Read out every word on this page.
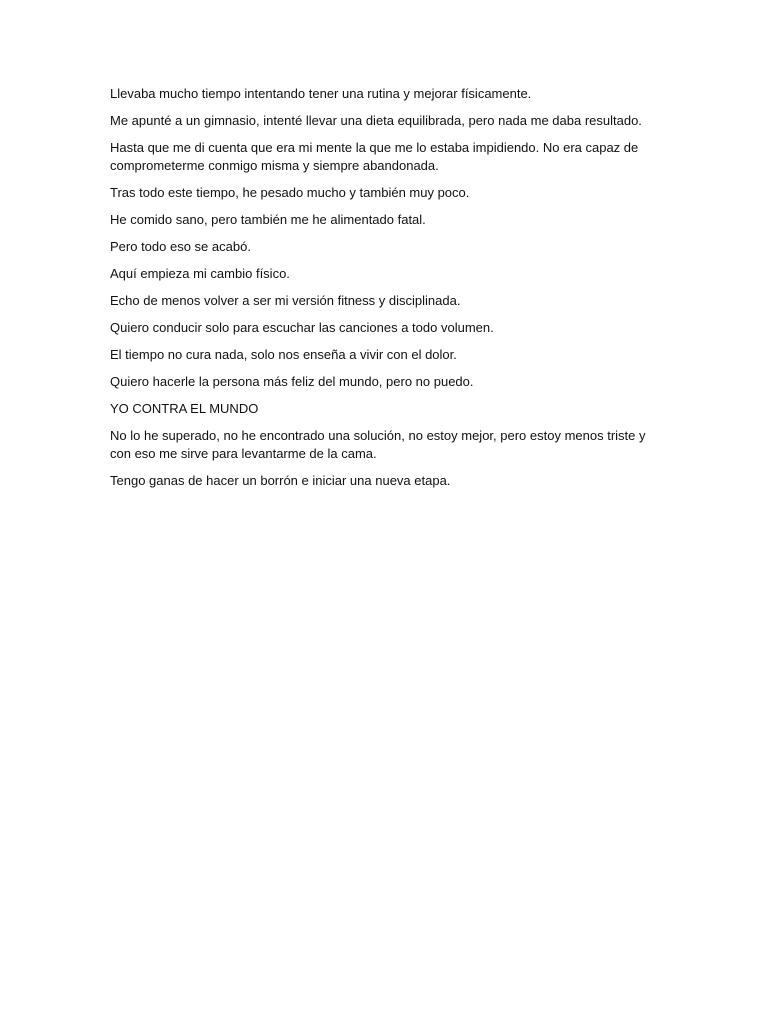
Llevaba mucho tiempo intentando tener una rutina y mejorar físicamente.

Me apunté a un gimnasio, intenté llevar una dieta equilibrada, pero nada me daba resultado.

Hasta que me di cuenta que era mi mente la que me lo estaba impidiendo. No era capaz de comprometerme conmigo misma y siempre abandonada.

Tras todo este tiempo, he pesado mucho y también muy poco.

He comido sano, pero también me he alimentado fatal.

Pero todo eso se acabó.

Aquí empieza mi cambio físico.

Echo de menos volver a ser mi versión fitness y disciplinada.

Quiero conducir solo para escuchar las canciones a todo volumen.

El tiempo no cura nada, solo nos enseña a vivir con el dolor.

Quiero hacerle la persona más feliz del mundo, pero no puedo.

YO CONTRA EL MUNDO

No lo he superado, no he encontrado una solución, no estoy mejor, pero estoy menos triste y con eso me sirve para levantarme de la cama.

Tengo ganas de hacer un borrón e iniciar una nueva etapa.
